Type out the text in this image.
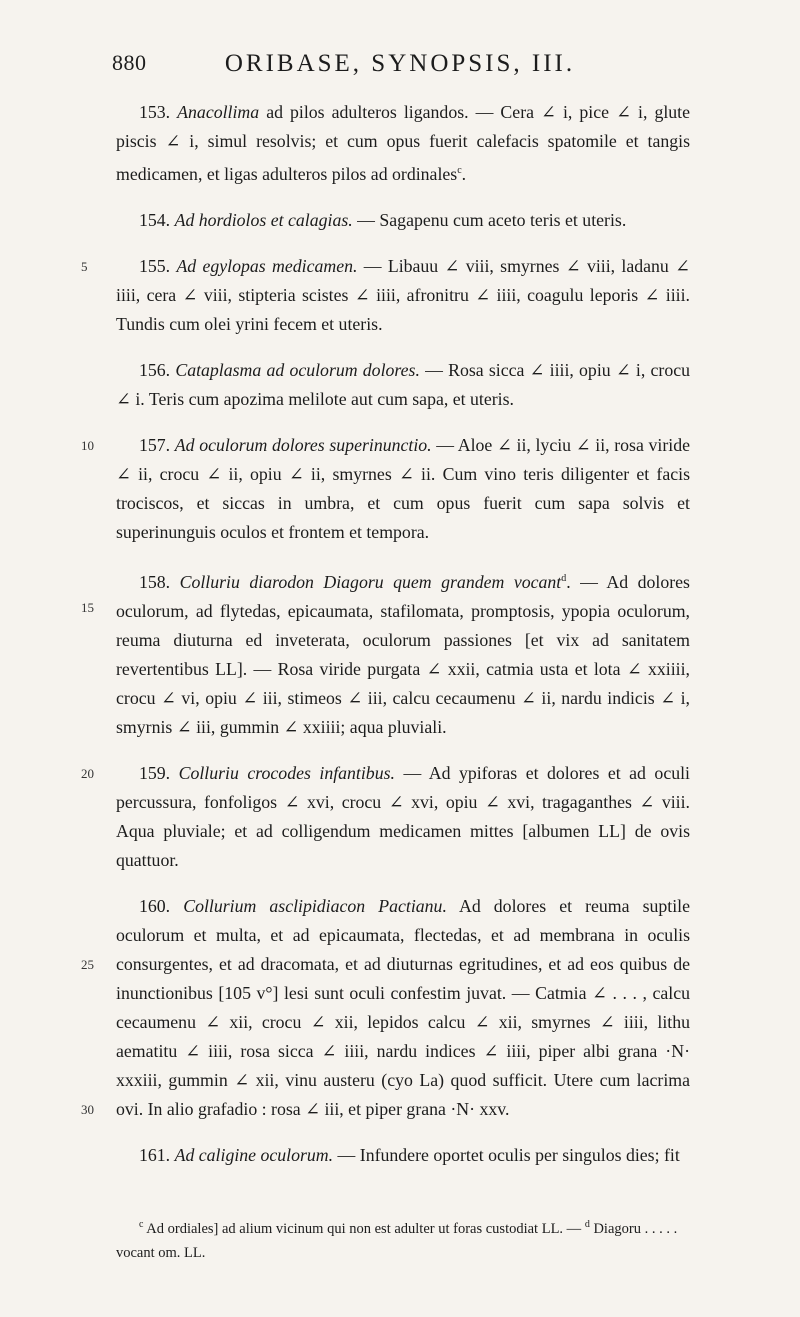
880	ORIBASE, SYNOPSIS, III.

153. Anacollima ad pilos adulteros ligandos. — Cera ∠ i, pice ∠ i, glute piscis ∠ i, simul resolvis; et cum opus fuerit calefacis spatomile et tangis medicamen, et ligas adulteros pilos ad ordinales$^c$.

154. Ad hordiolos et calagias. — Sagapenu cum aceto teris et uteris.

5	155. Ad egylopas medicamen. — Libauu ∠ viii, smyrnes ∠ viii, ladanu ∠ iiii, cera ∠ viii, stipteria scistes ∠ iiii, afronitru ∠ iiii, coagulu leporis ∠ iiii. Tundis cum olei yrini fecem et uteris.

156. Cataplasma ad oculorum dolores. — Rosa sicca ∠ iiii, opiu ∠ i, crocu ∠ i. Teris cum apozima melilote aut cum sapa, et uteris.

10	157. Ad oculorum dolores superinunctio. — Aloe ∠ ii, lyciu ∠ ii, rosa viride ∠ ii, crocu ∠ ii, opiu ∠ ii, smyrnes ∠ ii. Cum vino teris diligenter et facis trociscos, et siccas in umbra, et cum opus fuerit cum sapa solvis et superinunguis oculos et frontem et tempora.

15
158. Colluriu diarodon Diagoru quem grandem vocant$^d$. — Ad dolores oculorum, ad flytedas, epicaumata, stafilomata, promptosis, ypopia oculorum, reuma diuturna ed inveterata, oculorum passiones [et vix ad sanitatem revertentibus LL]. — Rosa viride purgata ∠ xxii, catmia usta et lota ∠ xxiiii, crocu ∠ vi, opiu ∠ iii, stimeos ∠ iii, calcu cecaumenu ∠ ii, nardu indicis ∠ i, smyrnis ∠ iii, gummin ∠ xxiiii; aqua pluviali.

20	159. Colluriu crocodes infantibus. — Ad ypiforas et dolores et ad oculi percussura, fonfoligos ∠ xvi, crocu ∠ xvi, opiu ∠ xvi, tragaganthes ∠ viii. Aqua pluviale; et ad colligendum medicamen mittes [albumen LL] de ovis quattuor.

25
30
160. Collurium asclipidiacon Pactianu. Ad dolores et reuma suptile oculorum et multa, et ad epicaumata, flectedas, et ad membrana in oculis consurgentes, et ad dracomata, et ad diuturnas egritudines, et ad eos quibus de inunctionibus [105 v°] lesi sunt oculi confestim juvat. — Catmia ∠ . . . , calcu cecaumenu ∠ xii, crocu ∠ xii, lepidos calcu ∠ xii, smyrnes ∠ iiii, lithu aematitu ∠ iiii, rosa sicca ∠ iiii, nardu indices ∠ iiii, piper albi grana ·N· xxxiii, gummin ∠ xii, vinu austeru (cyo La) quod sufficit. Utere cum lacrima ovi. In alio grafadio : rosa ∠ iii, et piper grana ·N· xxv.

161. Ad caligine oculorum. — Infundere oportet oculis per singulos dies; fit

$^c$ Ad ordiales] ad alium vicinum qui non est adulter ut foras custodiat LL. — $^d$ Diagoru . . . . . vocant om. LL.
